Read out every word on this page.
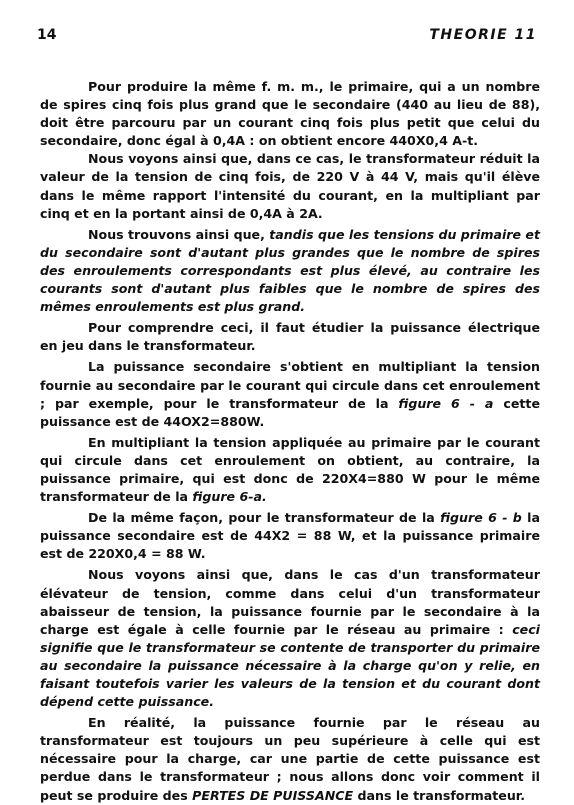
14	THEORIE 11

Pour produire la même f. m. m., le primaire, qui a un nombre de spires cinq fois plus grand que le secondaire (440 au lieu de 88), doit être parcouru par un courant cinq fois plus petit que celui du secondaire, donc égal à 0,4A : on obtient encore 440X0,4 A-t.

Nous voyons ainsi que, dans ce cas, le transformateur réduit la valeur de la tension de cinq fois, de 220 V à 44 V, mais qu'il élève dans le même rapport l'intensité du courant, en la multipliant par cinq et en la portant ainsi de 0,4A à 2A.

Nous trouvons ainsi que, tandis que les tensions du primaire et du secondaire sont d'autant plus grandes que le nombre de spires des enroulements correspondants est plus élevé, au contraire les courants sont d'autant plus faibles que le nombre de spires des mêmes enroulements est plus grand.

Pour comprendre ceci, il faut étudier la puissance électrique en jeu dans le transformateur.

La puissance secondaire s'obtient en multipliant la tension fournie au secondaire par le courant qui circule dans cet enroulement ; par exemple, pour le transformateur de la figure 6 - a cette puissance est de 44OX2=880W.

En multipliant la tension appliquée au primaire par le courant qui circule dans cet enroulement on obtient, au contraire, la puissance primaire, qui est donc de 220X4=880 W pour le même transformateur de la figure 6-a.

De la même façon, pour le transformateur de la figure 6 - b la puissance secondaire est de 44X2 = 88 W, et la puissance primaire est de 220X0,4 = 88 W.

Nous voyons ainsi que, dans le cas d'un transformateur élévateur de tension, comme dans celui d'un transformateur abaisseur de tension, la puissance fournie par le secondaire à la charge est égale à celle fournie par le réseau au primaire : ceci signifie que le transformateur se contente de transporter du primaire au secondaire la puissance nécessaire à la charge qu'on y relie, en faisant toutefois varier les valeurs de la tension et du courant dont dépend cette puissance.

En réalité, la puissance fournie par le réseau au transformateur est toujours un peu supérieure à celle qui est nécessaire pour la charge, car une partie de cette puissance est perdue dans le transformateur ; nous allons donc voir comment il peut se produire des PERTES DE PUISSANCE dans le transformateur.
